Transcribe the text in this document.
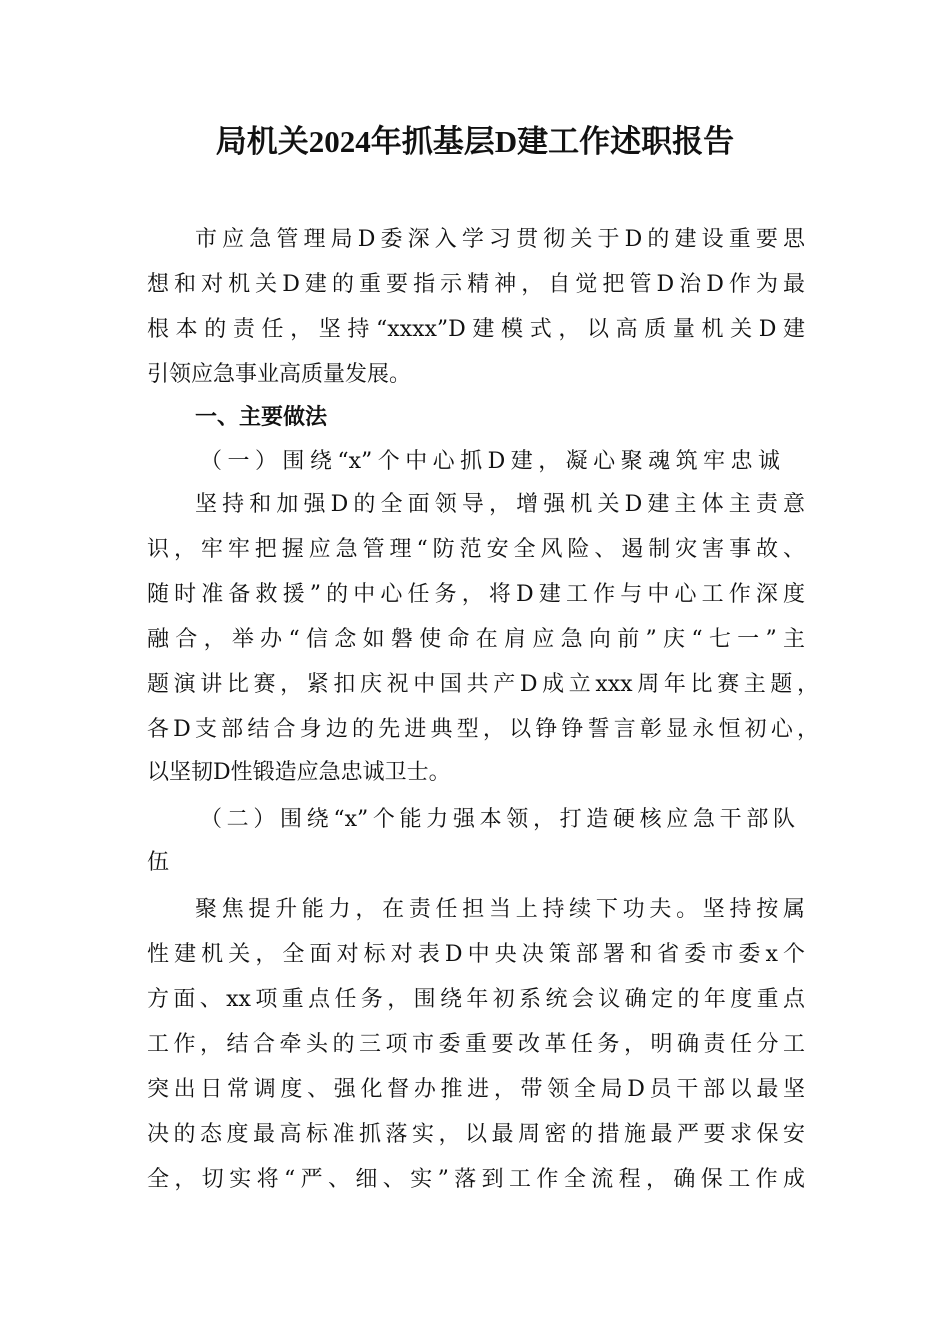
局机关2024年抓基层D建工作述职报告
市应急管理局D委深入学习贯彻关于D的建设重要思
想和对机关D建的重要指示精神，自觉把管D治D作为最
根本的责任，坚持“xxxx”D建模式，以高质量机关D建
引领应急事业高质量发展。
一、主要做法
（一）围绕“x”个中心抓D建，凝心聚魂筑牢忠诚
坚持和加强D的全面领导，增强机关D建主体主责意
识，牢牢把握应急管理“防范安全风险、遏制灾害事故、
随时准备救援”的中心任务，将D建工作与中心工作深度
融合，举办“信念如磐使命在肩应急向前”庆“七一”主
题演讲比赛，紧扣庆祝中国共产D成立xxx周年比赛主题，
各D支部结合身边的先进典型，以铮铮誓言彰显永恒初心，
以坚韧D性锻造应急忠诚卫士。
（二）围绕“x”个能力强本领，打造硬核应急干部队
伍
聚焦提升能力，在责任担当上持续下功夫。坚持按属
性建机关，全面对标对表D中央决策部署和省委市委x个
方面、xx项重点任务，围绕年初系统会议确定的年度重点
工作，结合牵头的三项市委重要改革任务，明确责任分工
突出日常调度、强化督办推进，带领全局D员干部以最坚
决的态度最高标准抓落实，以最周密的措施最严要求保安
全，切实将“严、细、实”落到工作全流程，确保工作成
